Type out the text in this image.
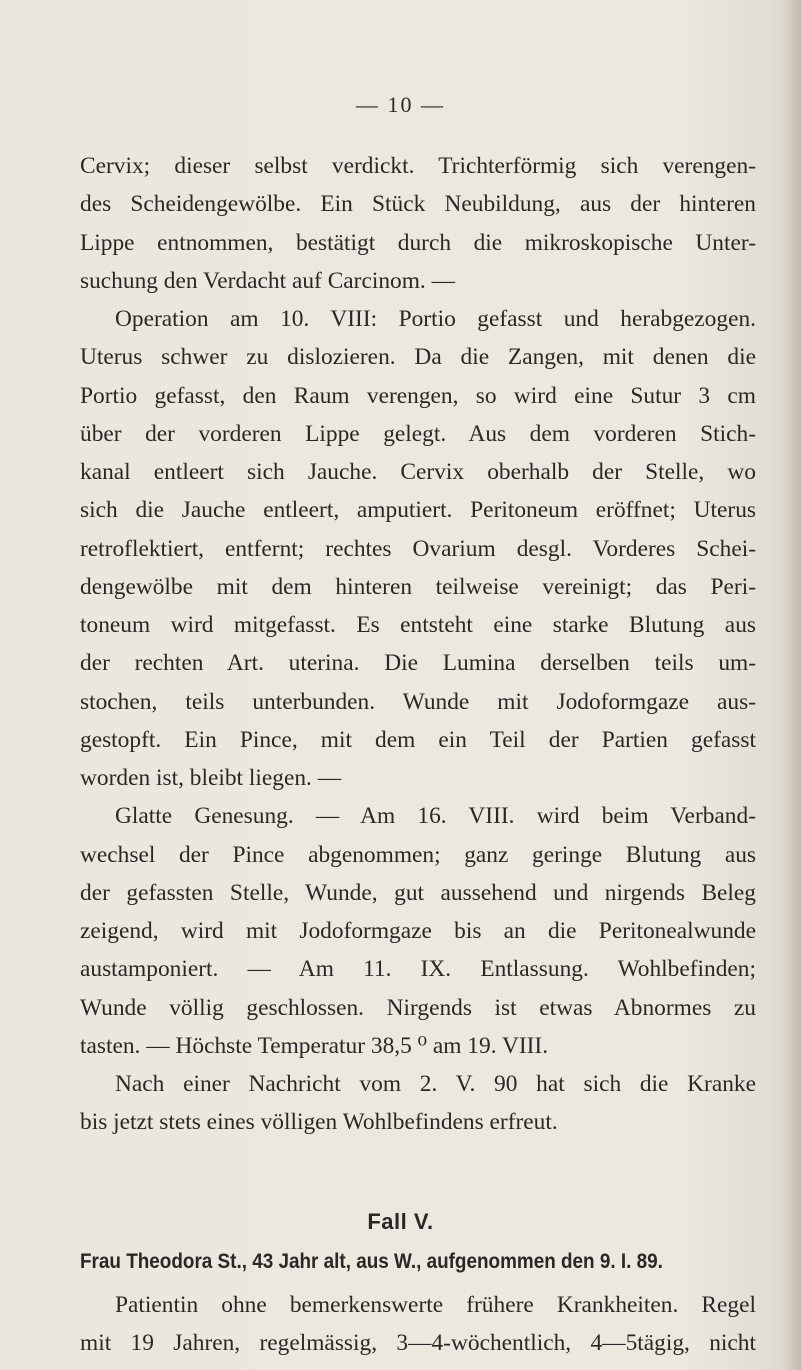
— 10 —

Cervix; dieser selbst verdickt. Trichterförmig sich verengen-

des Scheidengewölbe. Ein Stück Neubildung, aus der hinteren

Lippe entnommen, bestätigt durch die mikroskopische Unter-

suchung den Verdacht auf Carcinom. —

Operation am 10. VIII: Portio gefasst und herabgezogen.

Uterus schwer zu dislozieren. Da die Zangen, mit denen die

Portio gefasst, den Raum verengen, so wird eine Sutur 3 cm

über der vorderen Lippe gelegt. Aus dem vorderen Stich-

kanal entleert sich Jauche. Cervix oberhalb der Stelle, wo

sich die Jauche entleert, amputiert. Peritoneum eröffnet; Uterus

retroflektiert, entfernt; rechtes Ovarium desgl. Vorderes Schei-

dengewölbe mit dem hinteren teilweise vereinigt; das Peri-

toneum wird mitgefasst. Es entsteht eine starke Blutung aus

der rechten Art. uterina. Die Lumina derselben teils um-

stochen, teils unterbunden. Wunde mit Jodoformgaze aus-

gestopft. Ein Pince, mit dem ein Teil der Partien gefasst

worden ist, bleibt liegen. —

Glatte Genesung. — Am 16. VIII. wird beim Verband-

wechsel der Pince abgenommen; ganz geringe Blutung aus

der gefassten Stelle, Wunde, gut aussehend und nirgends Beleg

zeigend, wird mit Jodoformgaze bis an die Peritonealwunde

austamponiert. — Am 11. IX. Entlassung. Wohlbefinden;

Wunde völlig geschlossen. Nirgends ist etwas Abnormes zu

tasten. — Höchste Temperatur 38,5 ⁰ am 19. VIII.

Nach einer Nachricht vom 2. V. 90 hat sich die Kranke

bis jetzt stets eines völligen Wohlbefindens erfreut.

Fall V.
Frau Theodora St., 43 Jahr alt, aus W., aufgenommen den 9. I. 89.

Patientin ohne bemerkenswerte frühere Krankheiten. Regel

mit 19 Jahren, regelmässig, 3—4-wöchentlich, 4—5tägig, nicht
